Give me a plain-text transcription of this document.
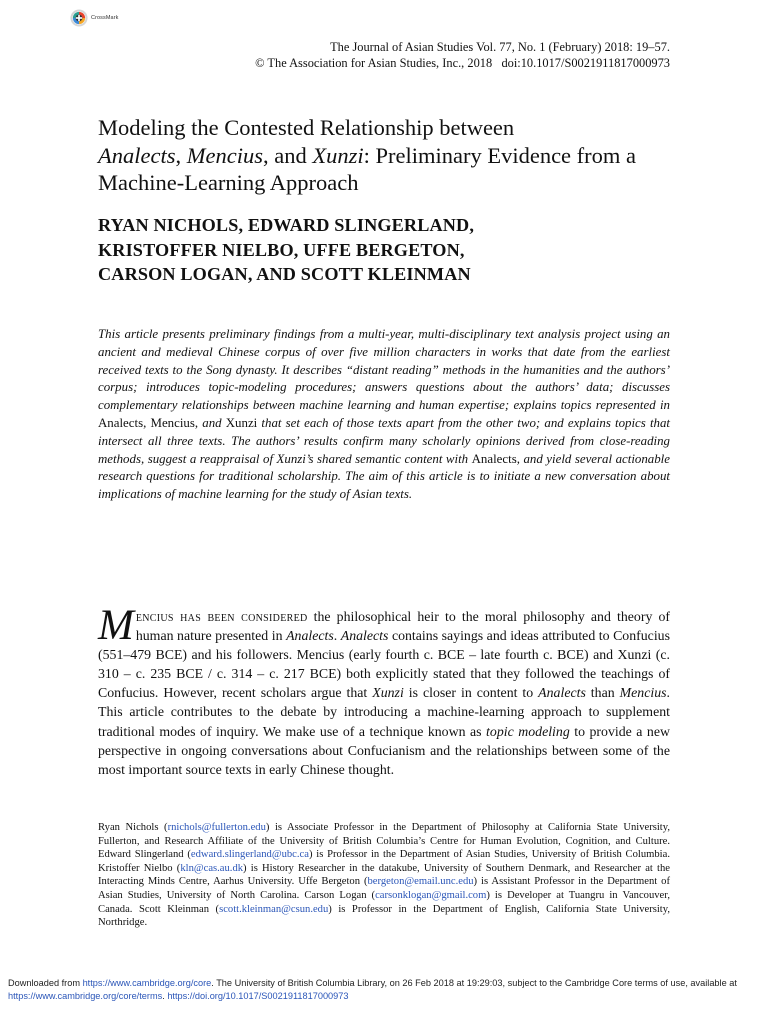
CrossMark
The Journal of Asian Studies Vol. 77, No. 1 (February) 2018: 19–57.
© The Association for Asian Studies, Inc., 2018 doi:10.1017/S0021911817000973
Modeling the Contested Relationship between
Analects, Mencius, and Xunzi: Preliminary Evidence from a Machine-Learning Approach
RYAN NICHOLS, EDWARD SLINGERLAND,
KRISTOFFER NIELBO, UFFE BERGETON,
CARSON LOGAN, AND SCOTT KLEINMAN

This article presents preliminary findings from a multi-year, multi-disciplinary text analysis project using an ancient and medieval Chinese corpus of over five million characters in works that date from the earliest received texts to the Song dynasty. It describes “distant reading” methods in the humanities and the authors’ corpus; introduces topic-modeling procedures; answers questions about the authors’ data; discusses complementary relationships between machine learning and human expertise; explains topics represented in Analects, Mencius, and Xunzi that set each of those texts apart from the other two; and explains topics that intersect all three texts. The authors’ results confirm many scholarly opinions derived from close-reading methods, suggest a reappraisal of Xunzi’s shared semantic content with Analects, and yield several actionable research questions for traditional scholarship. The aim of this article is to initiate a new conversation about implications of machine learning for the study of Asian texts.

Mencius has been considered the philosophical heir to the moral philosophy and theory of human nature presented in Analects. Analects contains sayings and ideas attributed to Confucius (551–479 BCE) and his followers. Mencius (early fourth c. BCE – late fourth c. BCE) and Xunzi (c. 310 – c. 235 BCE / c. 314 – c. 217 BCE) both explicitly stated that they followed the teachings of Confucius. However, recent scholars argue that Xunzi is closer in content to Analects than Mencius. This article contributes to the debate by introducing a machine-learning approach to supplement traditional modes of inquiry. We make use of a technique known as topic modeling to provide a new perspective in ongoing conversations about Confucianism and the relationships between some of the most important source texts in early Chinese thought.

Ryan Nichols (rnichols@fullerton.edu) is Associate Professor in the Department of Philosophy at California State University, Fullerton, and Research Affiliate of the University of British Columbia’s Centre for Human Evolution, Cognition, and Culture. Edward Slingerland (edward.slingerland@ubc.ca) is Professor in the Department of Asian Studies, University of British Columbia. Kristoffer Nielbo (kln@cas.au.dk) is History Researcher in the datakube, University of Southern Denmark, and Researcher at the Interacting Minds Centre, Aarhus University. Uffe Bergeton (bergeton@email.unc.edu) is Assistant Professor in the Department of Asian Studies, University of North Carolina. Carson Logan (carsonklogan@gmail.com) is Developer at Tuangru in Vancouver, Canada. Scott Kleinman (scott.kleinman@csun.edu) is Professor in the Department of English, California State University, Northridge.

Downloaded from https://www.cambridge.org/core. The University of British Columbia Library, on 26 Feb 2018 at 19:29:03, subject to the Cambridge Core terms of use, available at https://www.cambridge.org/core/terms. https://doi.org/10.1017/S0021911817000973
